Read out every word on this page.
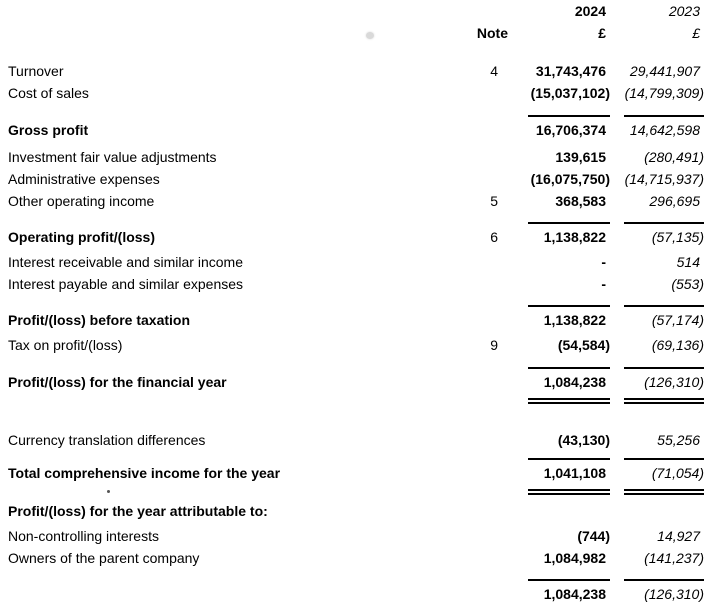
2024	2023
Note	£	£
Turnover	4	31,743,476	29,441,907
Cost of sales	(15,037,102)	(14,799,309)
Gross profit	16,706,374	14,642,598
Investment fair value adjustments	139,615	(280,491)
Administrative expenses	(16,075,750)	(14,715,937)
Other operating income	5	368,583	296,695
Operating profit/(loss)	6	1,138,822	(57,135)
Interest receivable and similar income	-	514
Interest payable and similar expenses	-	(553)
Profit/(loss) before taxation	1,138,822	(57,174)
Tax on profit/(loss)	9	(54,584)	(69,136)
Profit/(loss) for the financial year	1,084,238	(126,310)
Currency translation differences	(43,130)	55,256
Total comprehensive income for the year	1,041,108	(71,054)
Profit/(loss) for the year attributable to:
Non-controlling interests	(744)	14,927
Owners of the parent company	1,084,982	(141,237)
1,084,238	(126,310)
